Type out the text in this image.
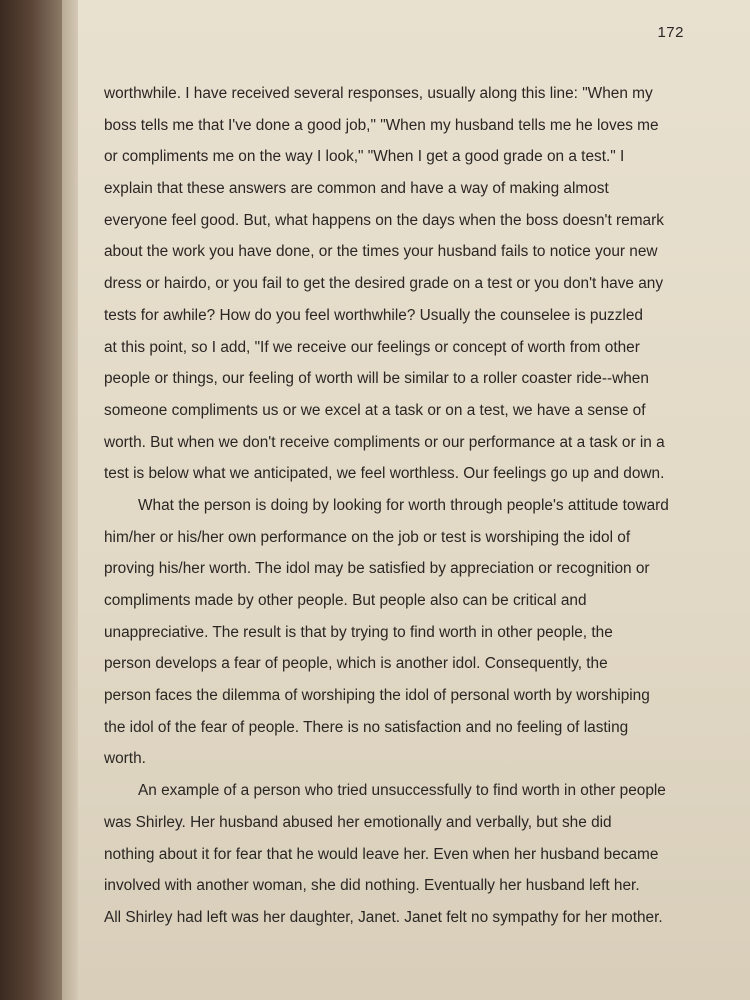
172
worthwhile. I have received several responses, usually along this line: "When my
boss tells me that I've done a good job," "When my husband tells me he loves me
or compliments me on the way I look," "When I get a good grade on a test." I
explain that these answers are common and have a way of making almost
everyone feel good. But, what happens on the days when the boss doesn't remark
about the work you have done, or the times your husband fails to notice your new
dress or hairdo, or you fail to get the desired grade on a test or you don't have any
tests for awhile? How do you feel worthwhile? Usually the counselee is puzzled
at this point, so I add, "If we receive our feelings or concept of worth from other
people or things, our feeling of worth will be similar to a roller coaster ride--when
someone compliments us or we excel at a task or on a test, we have a sense of
worth. But when we don't receive compliments or our performance at a task or in a
test is below what we anticipated, we feel worthless. Our feelings go up and down.
What the person is doing by looking for worth through people's attitude toward
him/her or his/her own performance on the job or test is worshiping the idol of
proving his/her worth. The idol may be satisfied by appreciation or recognition or
compliments made by other people. But people also can be critical and
unappreciative. The result is that by trying to find worth in other people, the
person develops a fear of people, which is another idol. Consequently, the
person faces the dilemma of worshiping the idol of personal worth by worshiping
the idol of the fear of people. There is no satisfaction and no feeling of lasting
worth.
An example of a person who tried unsuccessfully to find worth in other people
was Shirley. Her husband abused her emotionally and verbally, but she did
nothing about it for fear that he would leave her. Even when her husband became
involved with another woman, she did nothing. Eventually her husband left her.
All Shirley had left was her daughter, Janet. Janet felt no sympathy for her mother.
